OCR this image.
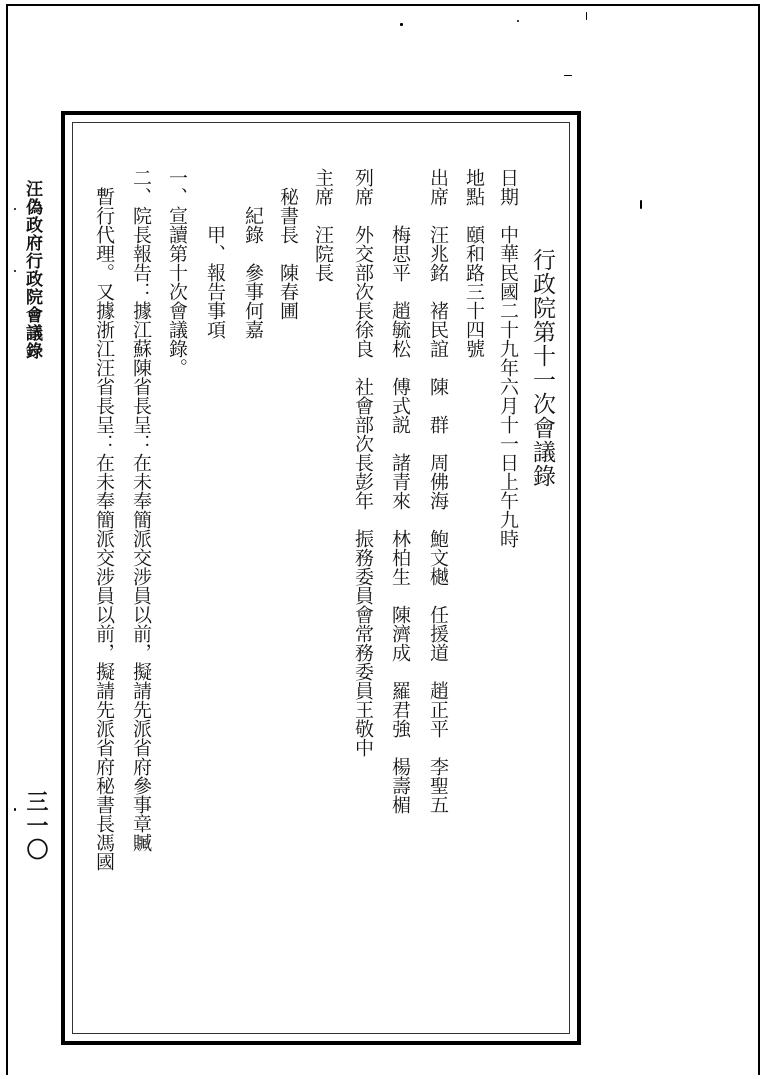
汪偽政府行政院會議錄
三一〇
行政院第十一次會議錄
日期　中華民國二十九年六月十一日上午九時
地點　頤和路三十四號
出席　汪兆銘　褚民誼　陳　群　周佛海　鮑文樾　任援道　趙正平　李聖五
　　　梅思平　趙毓松　傅式説　諸青來　林柏生　陳濟成　羅君強　楊壽楣
列席　外交部次長徐良　社會部次長彭年　振務委員會常務委員王敬中
主席　汪院長
　秘書長　陳春圃
　　紀錄　參事何嘉
　　　甲、報告事項
一、宣讀第十次會議錄。
二、院長報告：據江蘇陳省長呈：在未奉簡派交涉員以前，擬請先派省府參事章贓
　暫行代理。又據浙江汪省長呈：在未奉簡派交涉員以前，擬請先派省府秘書長馮國
